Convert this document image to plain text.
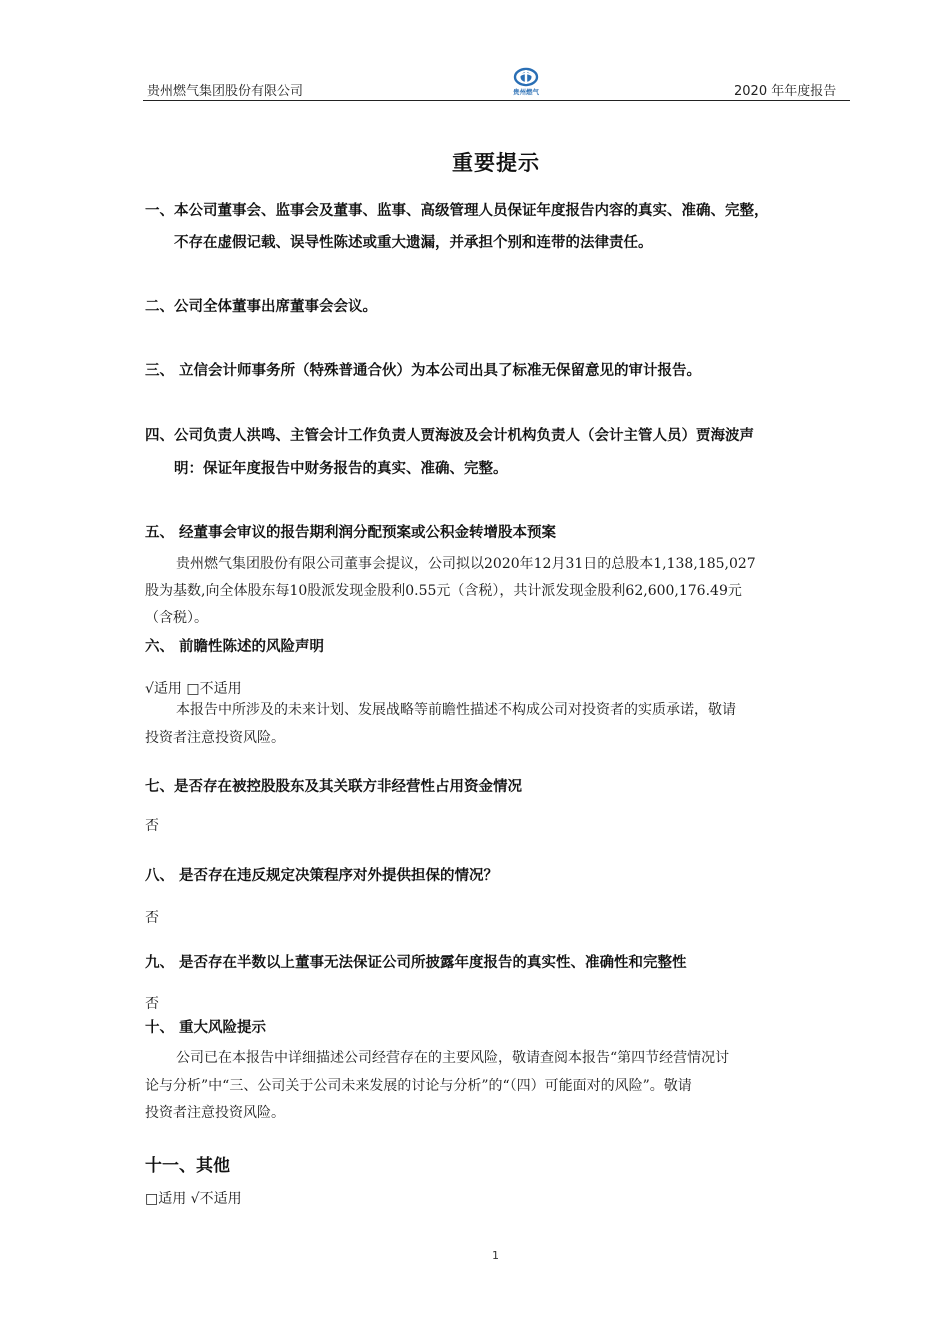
贵州燃气集团股份有限公司	贵州燃气	2020 年年度报告
重要提示
一、本公司董事会、监事会及董事、监事、高级管理人员保证年度报告内容的真实、准确、完整，
不存在虚假记载、误导性陈述或重大遗漏，并承担个别和连带的法律责任。
二、公司全体董事出席董事会会议。
三、 立信会计师事务所（特殊普通合伙）为本公司出具了标准无保留意见的审计报告。
四、公司负责人洪鸣、主管会计工作负责人贾海波及会计机构负责人（会计主管人员）贾海波声
明：保证年度报告中财务报告的真实、准确、完整。
五、 经董事会审议的报告期利润分配预案或公积金转增股本预案
贵州燃气集团股份有限公司董事会提议，公司拟以2020年12月31日的总股本1,138,185,027
股为基数,向全体股东每10股派发现金股利0.55元（含税），共计派发现金股利62,600,176.49元
（含税）。
六、 前瞻性陈述的风险声明
√适用 □不适用
本报告中所涉及的未来计划、发展战略等前瞻性描述不构成公司对投资者的实质承诺，敬请
投资者注意投资风险。
七、是否存在被控股股东及其关联方非经营性占用资金情况
否
八、 是否存在违反规定决策程序对外提供担保的情况？
否
九、 是否存在半数以上董事无法保证公司所披露年度报告的真实性、准确性和完整性
否
十、 重大风险提示
公司已在本报告中详细描述公司经营存在的主要风险，敬请查阅本报告“第四节经营情况讨
论与分析”中“三、公司关于公司未来发展的讨论与分析”的“（四）可能面对的风险”。敬请
投资者注意投资风险。
十一、其他
□适用 √不适用
1
